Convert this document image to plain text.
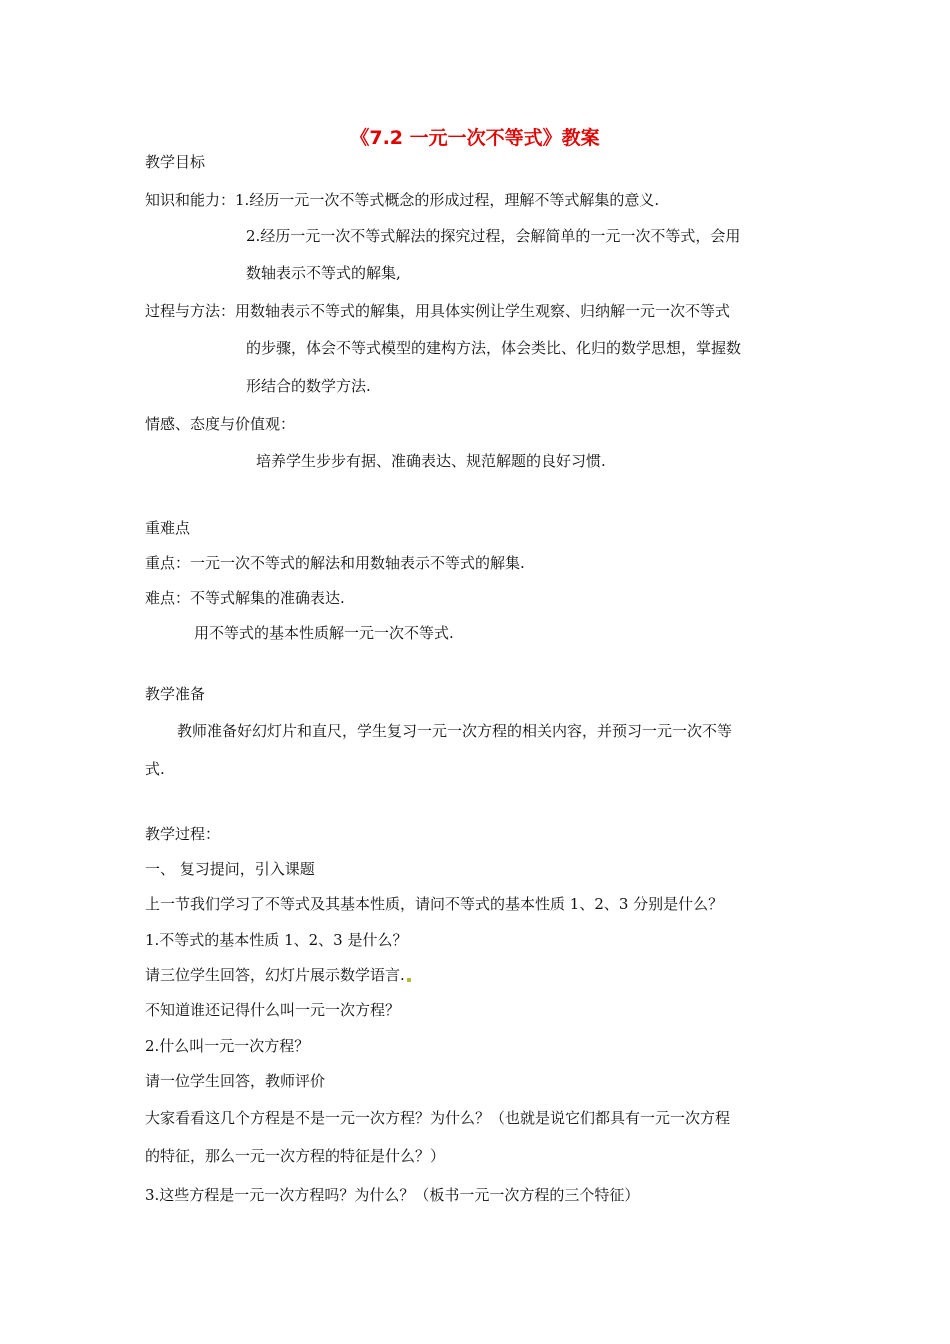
《7.2 一元一次不等式》教案

教学目标

知识和能力：1.经历一元一次不等式概念的形成过程，理解不等式解集的意义.

2.经历一元一次不等式解法的探究过程，会解简单的一元一次不等式，会用

数轴表示不等式的解集,

过程与方法：用数轴表示不等式的解集，用具体实例让学生观察、归纳解一元一次不等式

的步骤，体会不等式模型的建构方法，体会类比、化归的数学思想，掌握数

形结合的数学方法.

情感、态度与价值观：

培养学生步步有据、准确表达、规范解题的良好习惯.

重难点

重点：一元一次不等式的解法和用数轴表示不等式的解集.

难点：不等式解集的准确表达.

用不等式的基本性质解一元一次不等式.

教学准备

教师准备好幻灯片和直尺，学生复习一元一次方程的相关内容，并预习一元一次不等

式.

教学过程：

一、 复习提问，引入课题

上一节我们学习了不等式及其基本性质，请问不等式的基本性质 1、2、3 分别是什么？

1.不等式的基本性质 1、2、3 是什么？

请三位学生回答，幻灯片展示数学语言.

不知道谁还记得什么叫一元一次方程？

2.什么叫一元一次方程？

请一位学生回答，教师评价

大家看看这几个方程是不是一元一次方程？为什么？（也就是说它们都具有一元一次方程

的特征，那么一元一次方程的特征是什么？）

3.这些方程是一元一次方程吗？为什么？（板书一元一次方程的三个特征）
